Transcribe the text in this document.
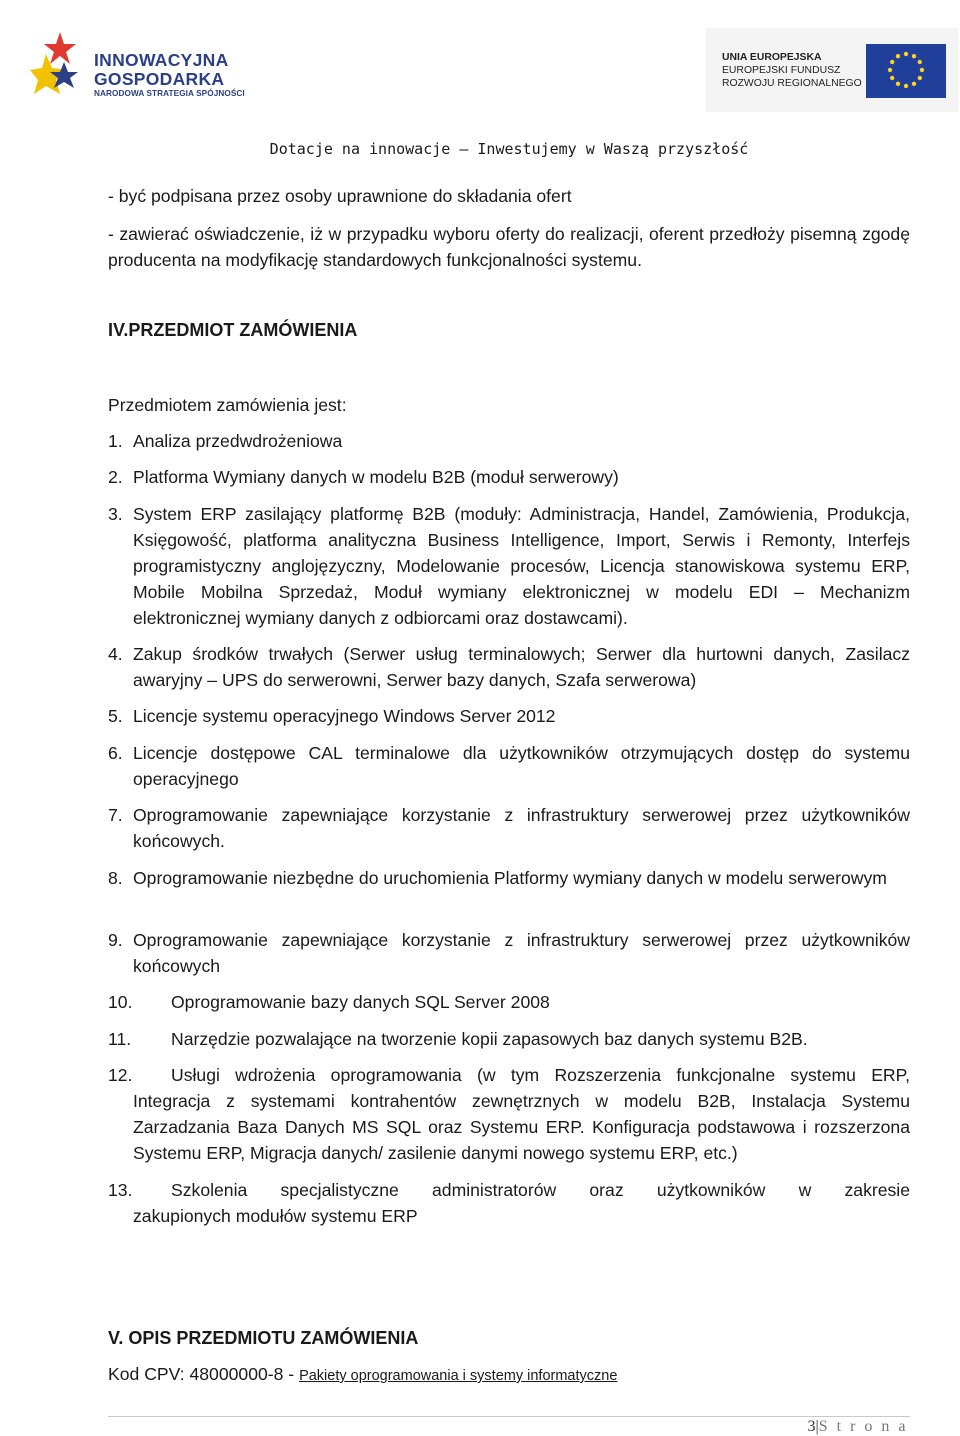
INNOWACYJNA
GOSPODARKA
NARODOWA STRATEGIA SPÓJNOŚCI
UNIA EUROPEJSKA
EUROPEJSKI FUNDUSZ
ROZWOJU REGIONALNEGO
Dotacje na innowacje – Inwestujemy w Waszą przyszłość
- być podpisana przez osoby uprawnione do składania ofert
- zawierać oświadczenie, iż w przypadku wyboru oferty do realizacji, oferent przedłoży pisemną zgodę producenta na modyfikację standardowych funkcjonalności systemu.
IV.PRZEDMIOT ZAMÓWIENIA
Przedmiotem zamówienia jest:
1. Analiza przedwdrożeniowa
2. Platforma Wymiany danych w modelu B2B (moduł serwerowy)
3. System ERP zasilający platformę B2B (moduły: Administracja, Handel, Zamówienia, Produkcja, Księgowość, platforma analityczna Business Intelligence, Import, Serwis i Remonty, Interfejs programistyczny anglojęzyczny, Modelowanie procesów, Licencja stanowiskowa systemu ERP, Mobile Mobilna Sprzedaż, Moduł wymiany elektronicznej w modelu EDI – Mechanizm elektronicznej wymiany danych z odbiorcami oraz dostawcami).
4. Zakup środków trwałych (Serwer usług terminalowych; Serwer dla hurtowni danych, Zasilacz awaryjny – UPS do serwerowni, Serwer bazy danych, Szafa serwerowa)
5. Licencje systemu operacyjnego Windows Server 2012
6. Licencje dostępowe CAL terminalowe dla użytkowników otrzymujących dostęp do systemu operacyjnego
7. Oprogramowanie zapewniające korzystanie z infrastruktury serwerowej przez użytkowników końcowych.
8. Oprogramowanie niezbędne do uruchomienia Platformy wymiany danych w modelu serwerowym
9. Oprogramowanie zapewniające korzystanie z infrastruktury serwerowej przez użytkowników końcowych
10. Oprogramowanie bazy danych SQL Server 2008
11. Narzędzie pozwalające na tworzenie kopii zapasowych baz danych systemu B2B.
12. Usługi wdrożenia oprogramowania (w tym Rozszerzenia funkcjonalne systemu ERP,
Integracja z systemami kontrahentów zewnętrznych w modelu B2B, Instalacja Systemu Zarzadzania Baza Danych MS SQL oraz Systemu ERP. Konfiguracja podstawowa i rozszerzona Systemu ERP, Migracja danych/ zasilenie danymi nowego systemu ERP, etc.)
13. Szkolenia specjalistyczne administratorów oraz użytkowników w zakresie
zakupionych modułów systemu ERP
V. OPIS PRZEDMIOTU ZAMÓWIENIA
Kod CPV: 48000000-8 - Pakiety oprogramowania i systemy informatyczne
3|S t r o n a
